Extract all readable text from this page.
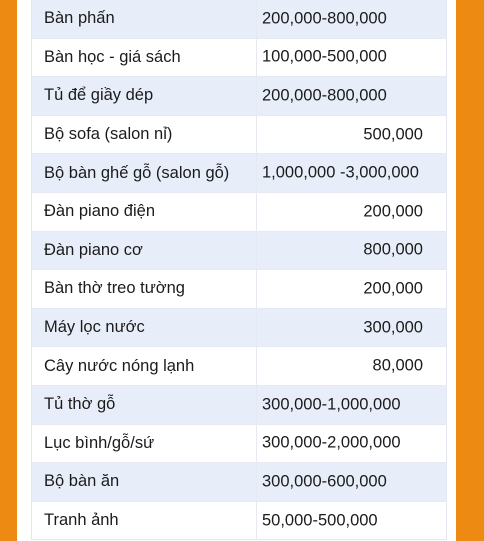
Bàn phấn	200,000-800,000
Bàn học - giá sách	100,000-500,000
Tủ để giầy dép	200,000-800,000
Bộ sofa (salon nỉ)	500,000
Bộ bàn ghế gỗ (salon gỗ)	1,000,000 -3,000,000
Đàn piano điện	200,000
Đàn piano cơ	800,000
Bàn thờ treo tường	200,000
Máy lọc nước	300,000
Cây nước nóng lạnh	80,000
Tủ thờ gỗ	300,000-1,000,000
Lục bình/gỗ/sứ	300,000-2,000,000
Bộ bàn ăn	300,000-600,000
Tranh ảnh	50,000-500,000
